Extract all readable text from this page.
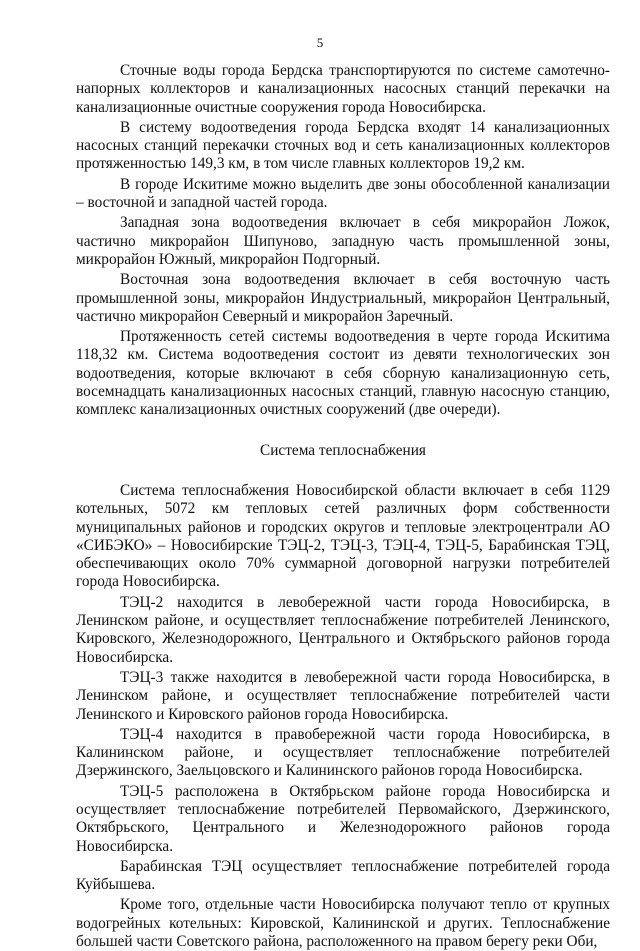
5

Сточные воды города Бердска транспортируются по системе самотечно-напорных коллекторов и канализационных насосных станций перекачки на канализационные очистные сооружения города Новосибирска.

В систему водоотведения города Бердска входят 14 канализационных насосных станций перекачки сточных вод и сеть канализационных коллекторов протяженностью 149,3 км, в том числе главных коллекторов 19,2 км.

В городе Искитиме можно выделить две зоны обособленной канализации – восточной и западной частей города.

Западная зона водоотведения включает в себя микрорайон Ложок, частично микрорайон Шипуново, западную часть промышленной зоны, микрорайон Южный, микрорайон Подгорный.

Восточная зона водоотведения включает в себя восточную часть промышленной зоны, микрорайон Индустриальный, микрорайон Центральный, частично микрорайон Северный и микрорайон Заречный.

Протяженность сетей системы водоотведения в черте города Искитима 118,32 км. Система водоотведения состоит из девяти технологических зон водоотведения, которые включают в себя сборную канализационную сеть, восемнадцать канализационных насосных станций, главную насосную станцию, комплекс канализационных очистных сооружений (две очереди).

Система теплоснабжения

Система теплоснабжения Новосибирской области включает в себя 1129 котельных, 5072 км тепловых сетей различных форм собственности муниципальных районов и городских округов и тепловые электроцентрали АО «СИБЭКО» – Новосибирские ТЭЦ-2, ТЭЦ-3, ТЭЦ-4, ТЭЦ-5, Барабинская ТЭЦ, обеспечивающих около 70% суммарной договорной нагрузки потребителей города Новосибирска.

ТЭЦ-2 находится в левобережной части города Новосибирска, в Ленинском районе, и осуществляет теплоснабжение потребителей Ленинского, Кировского, Железнодорожного, Центрального и Октябрьского районов города Новосибирска.

ТЭЦ-3 также находится в левобережной части города Новосибирска, в Ленинском районе, и осуществляет теплоснабжение потребителей части Ленинского и Кировского районов города Новосибирска.

ТЭЦ-4 находится в правобережной части города Новосибирска, в Калининском районе, и осуществляет теплоснабжение потребителей Дзержинского, Заельцовского и Калининского районов города Новосибирска.

ТЭЦ-5 расположена в Октябрьском районе города Новосибирска и осуществляет теплоснабжение потребителей Первомайского, Дзержинского, Октябрьского, Центрального и Железнодорожного районов города Новосибирска.

Барабинская ТЭЦ осуществляет теплоснабжение потребителей города Куйбышева.

Кроме того, отдельные части Новосибирска получают тепло от крупных водогрейных котельных: Кировской, Калининской и других. Теплоснабжение большей части Советского района, расположенного на правом берегу реки Оби,
